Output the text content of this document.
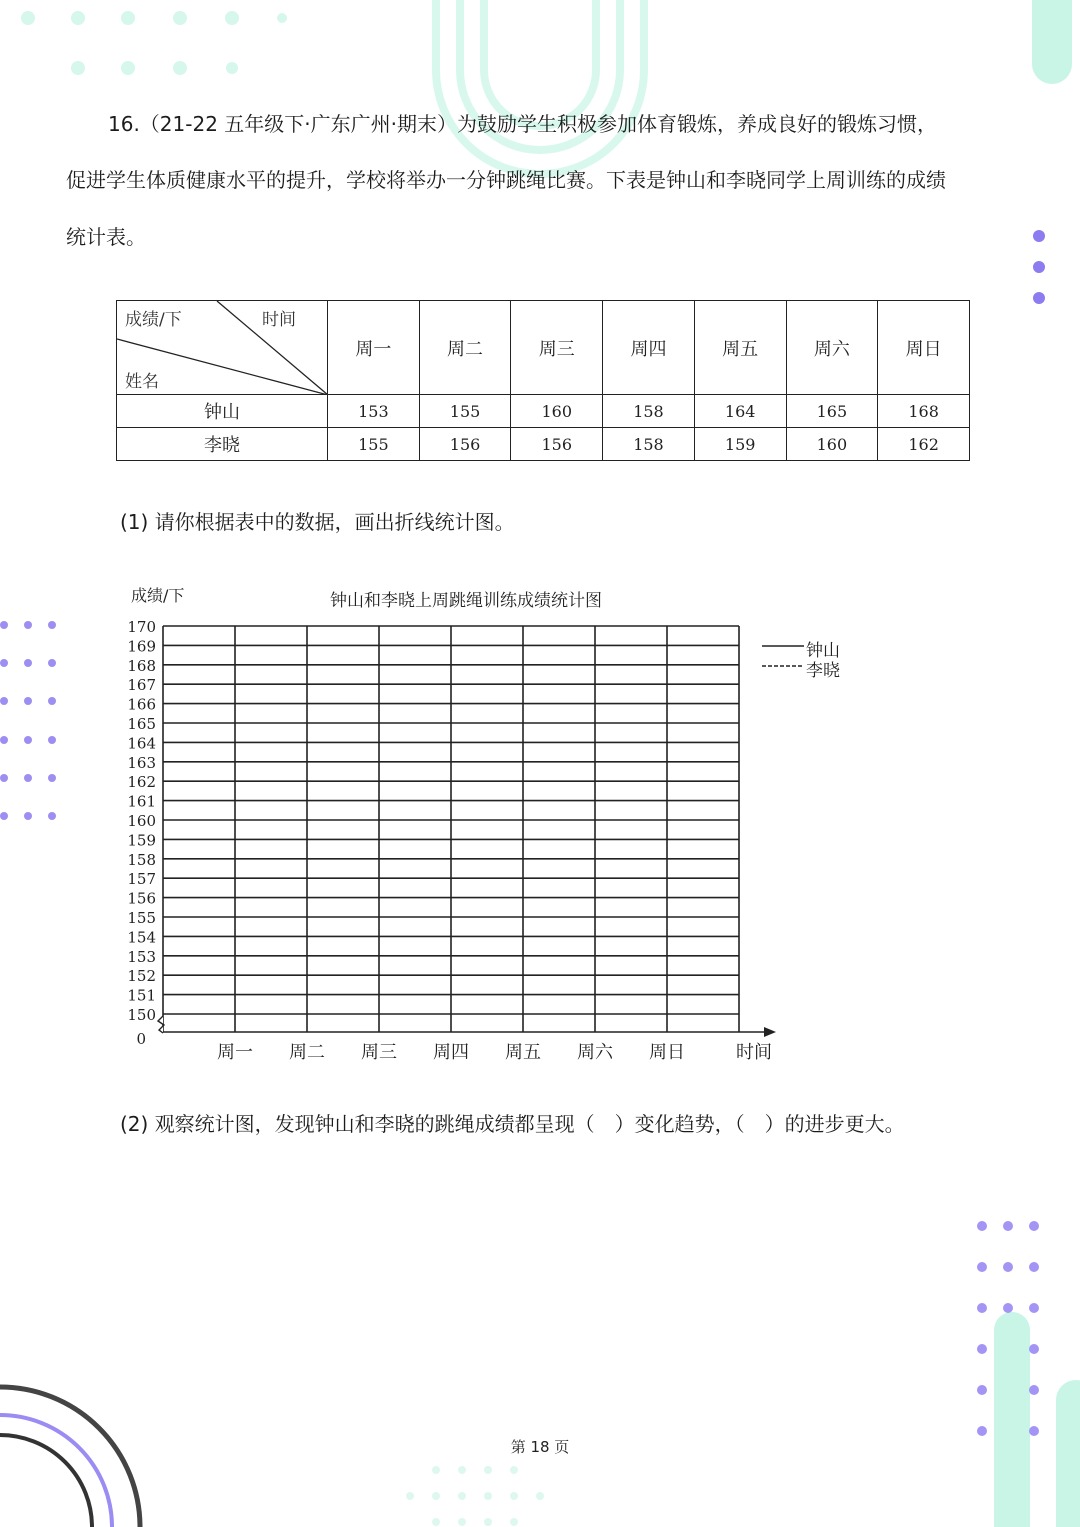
16.（21-22 五年级下·广东广州·期末）为鼓励学生积极参加体育锻炼，养成良好的锻炼习惯，
促进学生体质健康水平的提升，学校将举办一分钟跳绳比赛。下表是钟山和李晓同学上周训练的成绩
统计表。
成绩/下 时间
姓名	周一	周二	周三	周四	周五	周六	周日
钟山	153	155	160	158	164	165	168
李晓	155	156	156	158	159	160	162
(1) 请你根据表中的数据，画出折线统计图。
成绩/下	钟山和李晓上周跳绳训练成绩统计图
170
169
168
167
166
165
164
163
162
161
160
159
158
157
156
155
154
153
152
151
150
0
周一 周二 周三 周四 周五 周六 周日	时间
钟山
李晓
(2) 观察统计图，发现钟山和李晓的跳绳成绩都呈现（　）变化趋势，（　）的进步更大。
第 18 页
